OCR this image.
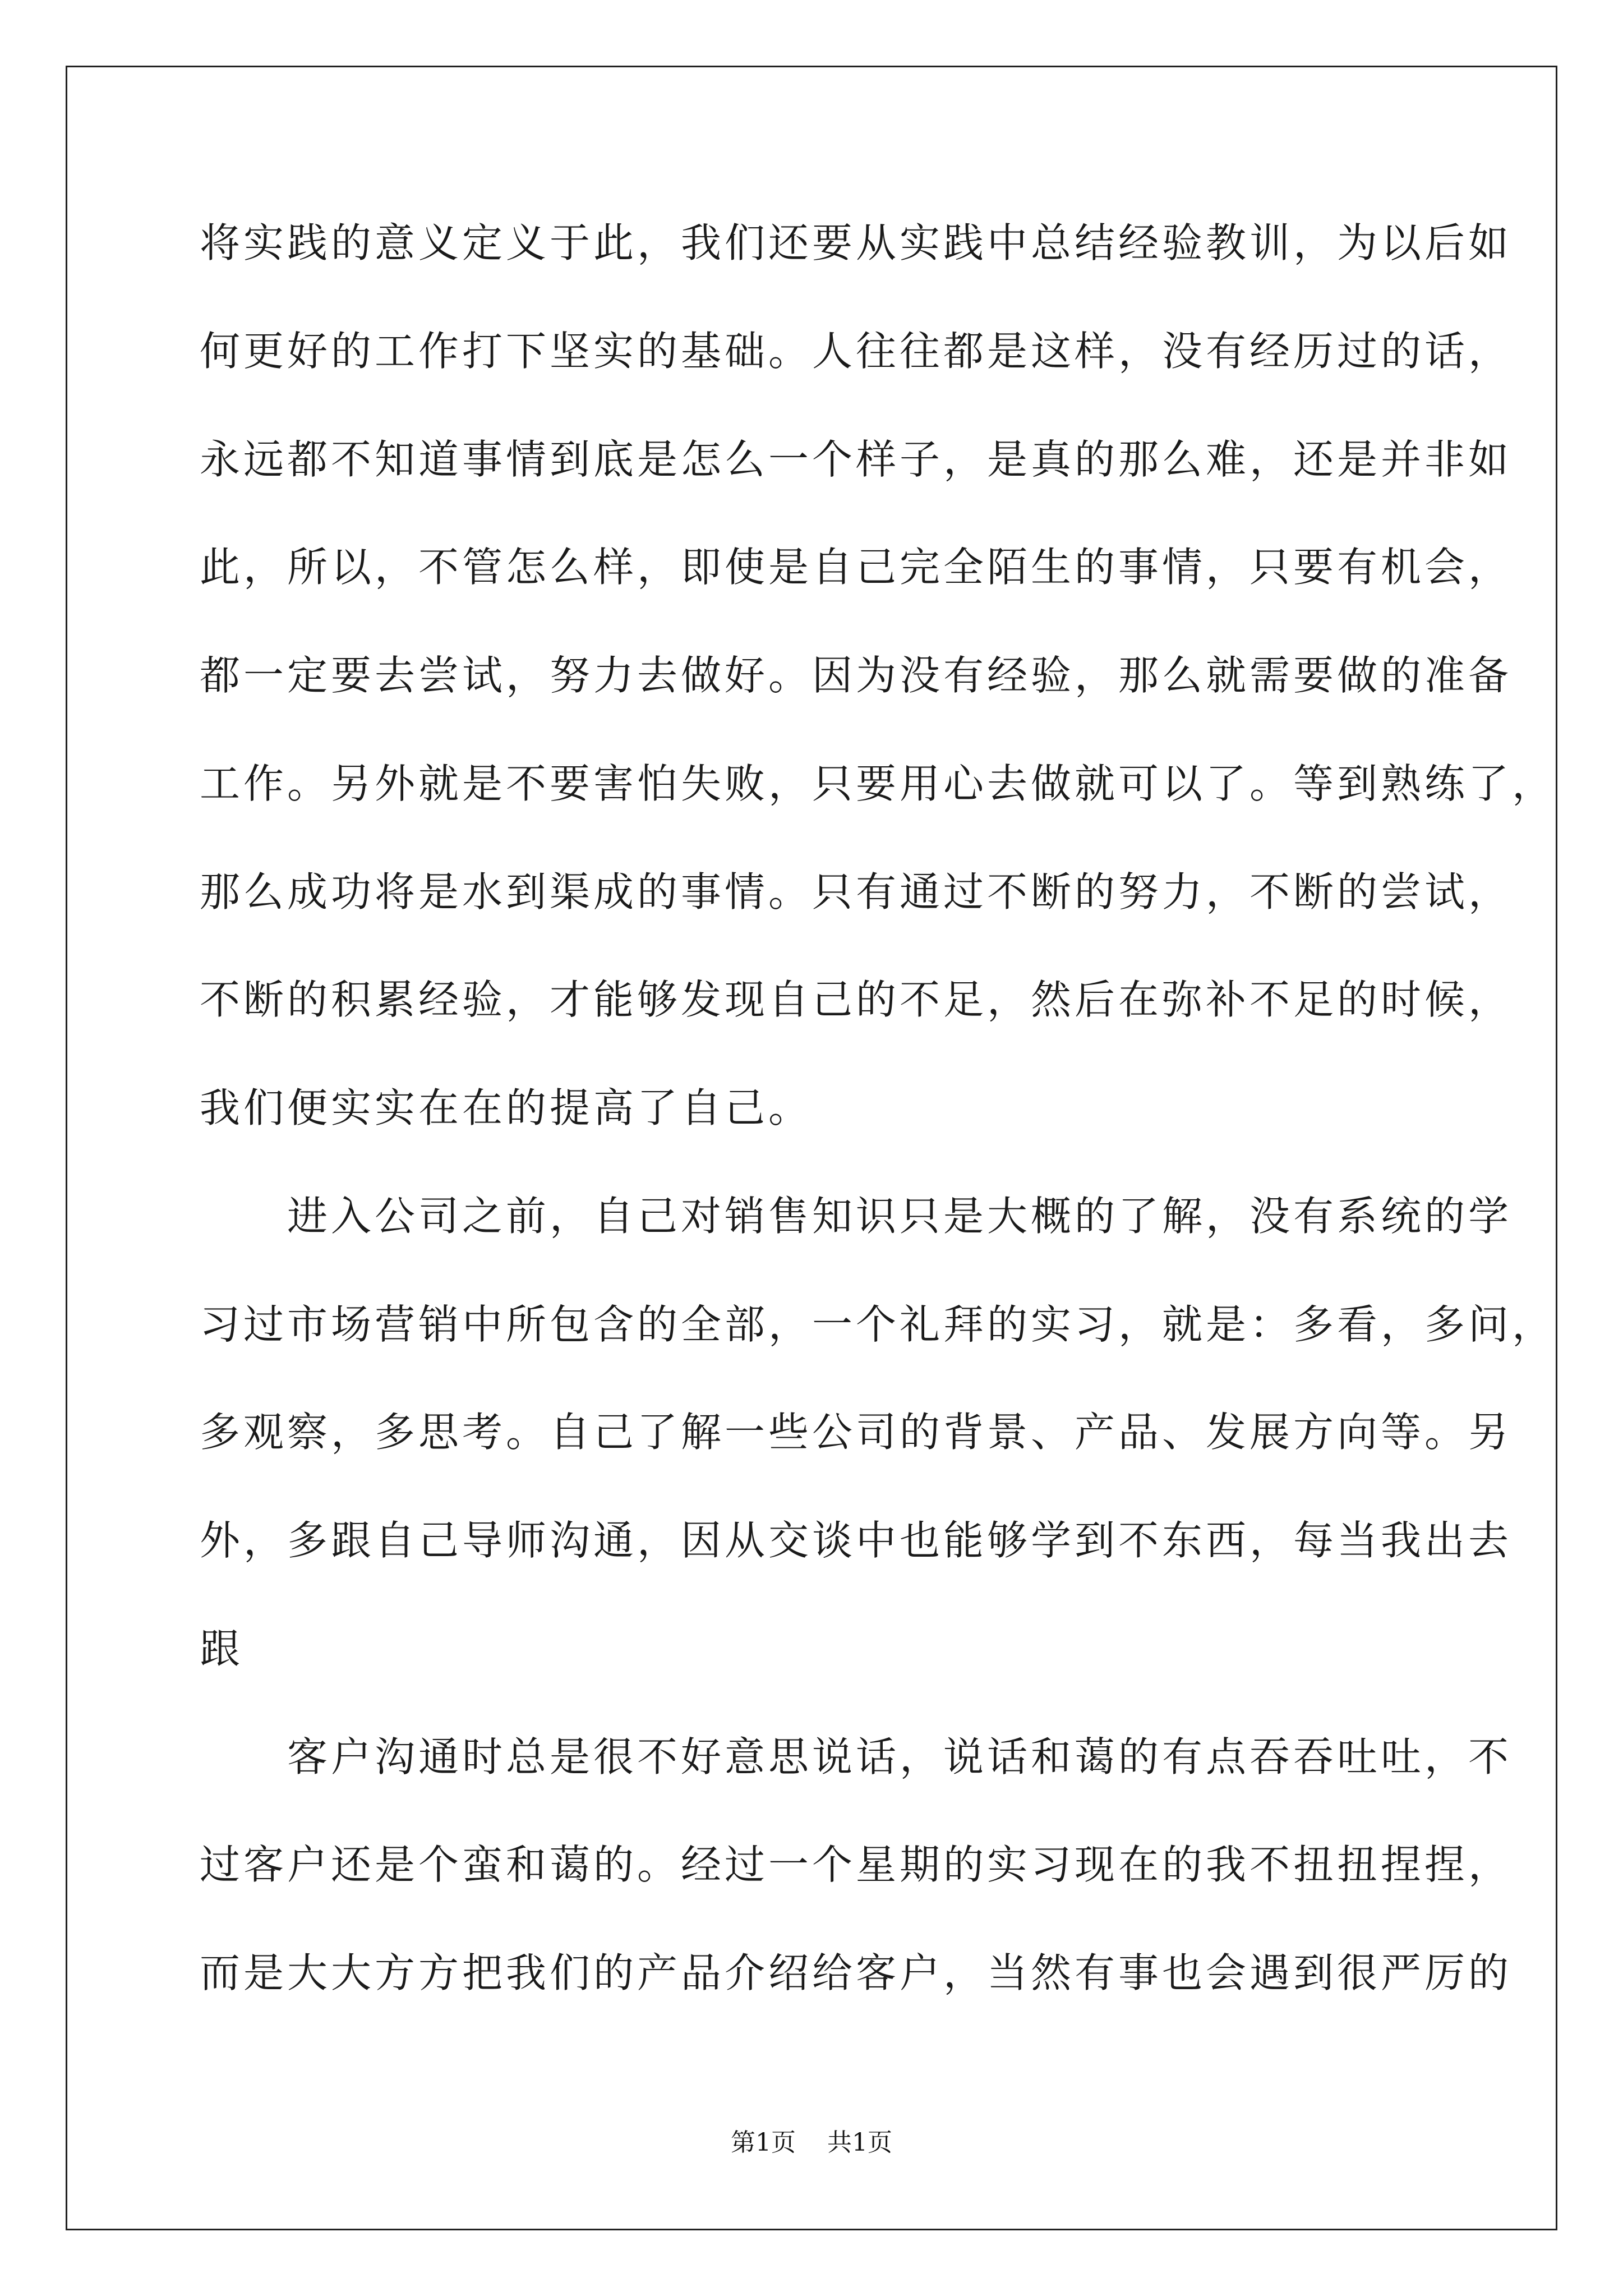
将实践的意义定义于此，我们还要从实践中总结经验教训，为以后如
何更好的工作打下坚实的基础。人往往都是这样，没有经历过的话，
永远都不知道事情到底是怎么一个样子，是真的那么难，还是并非如
此，所以，不管怎么样，即使是自己完全陌生的事情，只要有机会，
都一定要去尝试，努力去做好。因为没有经验，那么就需要做的准备
工作。另外就是不要害怕失败，只要用心去做就可以了。等到熟练了，
那么成功将是水到渠成的事情。只有通过不断的努力，不断的尝试，
不断的积累经验，才能够发现自己的不足，然后在弥补不足的时候，
我们便实实在在的提高了自己。
　　进入公司之前，自己对销售知识只是大概的了解，没有系统的学
习过市场营销中所包含的全部，一个礼拜的实习，就是：多看，多问，
多观察，多思考。自己了解一些公司的背景、产品、发展方向等。另
外，多跟自己导师沟通，因从交谈中也能够学到不东西，每当我出去
跟
　　客户沟通时总是很不好意思说话，说话和蔼的有点吞吞吐吐，不
过客户还是个蛮和蔼的。经过一个星期的实习现在的我不扭扭捏捏，
而是大大方方把我们的产品介绍给客户，当然有事也会遇到很严厉的
第1页 共1页
